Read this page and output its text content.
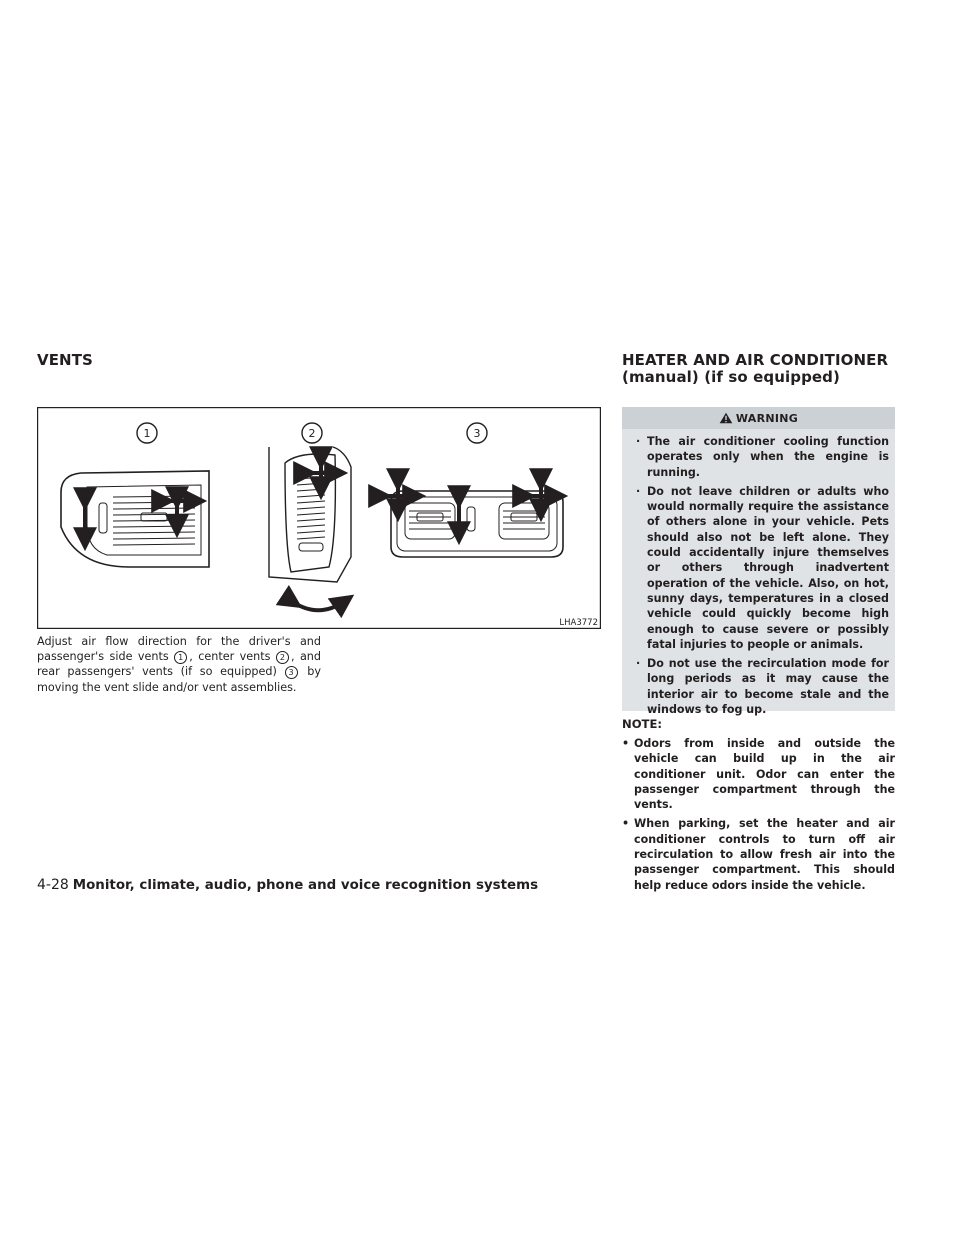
VENTS	HEATER AND AIR CONDITIONER
(manual) (if so equipped)
1	2	3
LHA3772

Adjust air flow direction for the driver's and passenger's side vents 1 , center vents 2 , and rear passengers' vents (if so equipped) 3 by moving the vent slide and/or vent assemblies.

WARNING
· The air conditioner cooling function operates only when the engine is running.
· Do not leave children or adults who would normally require the assistance of others alone in your vehicle. Pets should also not be left alone. They could accidentally injure themselves or others through inadvertent operation of the vehicle. Also, on hot, sunny days, temperatures in a closed vehicle could quickly become high enough to cause severe or possibly fatal injuries to people or animals.
· Do not use the recirculation mode for long periods as it may cause the interior air to become stale and the windows to fog up.

NOTE:

• Odors from inside and outside the vehicle can build up in the air conditioner unit. Odor can enter the passenger compartment through the vents.
• When parking, set the heater and air conditioner controls to turn off air recirculation to allow fresh air into the passenger compartment. This should help reduce odors inside the vehicle.

4-28 Monitor, climate, audio, phone and voice recognition systems
